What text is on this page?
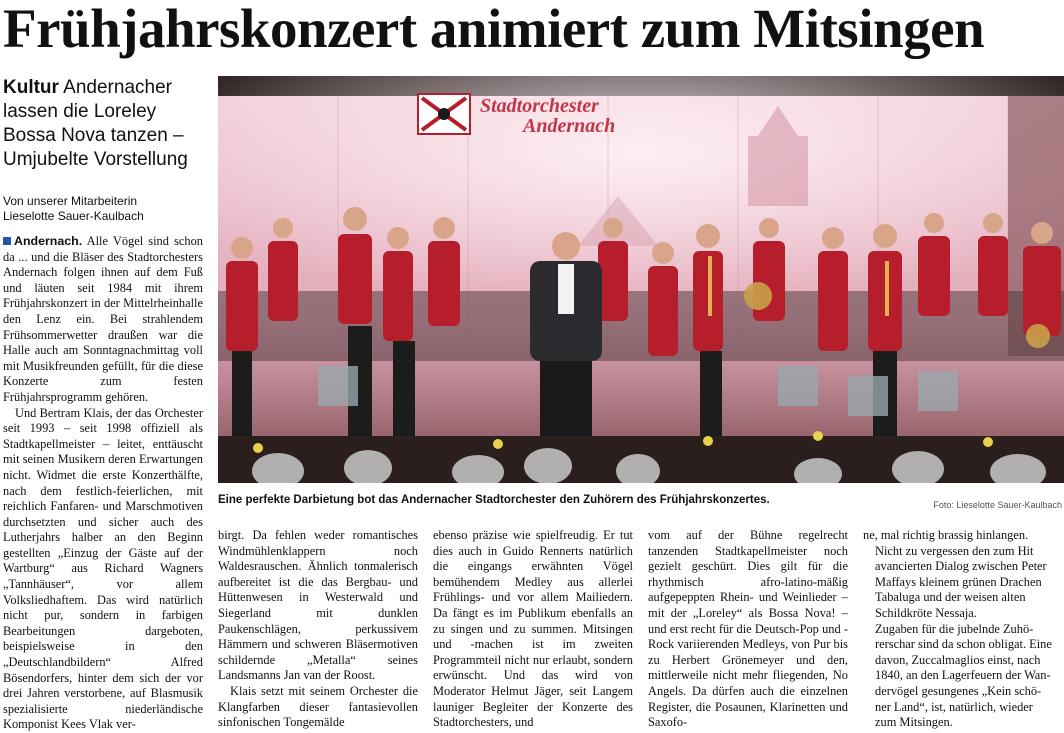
Frühjahrskonzert animiert zum Mitsingen
Kultur Andernacher lassen die Loreley Bossa Nova tanzen – Umjubelte Vorstellung
Von unserer Mitarbeiterin
Lieselotte Sauer-Kaulbach

Andernach. Alle Vögel sind schon da ... und die Bläser des Stadtorchesters Andernach folgen ihnen auf dem Fuß und läuten seit 1984 mit ihrem Frühjahrskonzert in der Mittelrheinhalle den Lenz ein. Bei strahlendem Frühsommerwetter draußen war die Halle auch am Sonntagnachmittag voll mit Musikfreunden gefüllt, für die diese Konzerte zum festen Frühjahrsprogramm gehören.

Und Bertram Klais, der das Orchester seit 1993 – seit 1998 offiziell als Stadtkapellmeister – leitet, enttäuscht mit seinen Musikern deren Erwartungen nicht. Widmet die erste Konzerthälfte, nach dem festlich-feierlichen, mit reichlich Fanfaren- und Marschmotiven durchsetzten und sicher auch des Lutherjahrs halber an den Beginn gestellten „Einzug der Gäste auf der Wartburg“ aus Richard Wagners „Tannhäuser“, vor allem Volksliedhaftem. Das wird natürlich nicht pur, sondern in farbigen Bearbeitungen dargeboten, beispielsweise in den „Deutschlandbildern“ Alfred Bösendorfers, hinter dem sich der vor drei Jahren verstorbene, auf Blasmusik spezialisierte niederländische Komponist Kees Vlak ver-

Stadtorchester
Andernach
Eine perfekte Darbietung bot das Andernacher Stadtorchester den Zuhörern des Frühjahrskonzertes.	Foto: Lieselotte Sauer-Kaulbach

birgt. Da fehlen weder romantisches Windmühlenklappern noch Waldesrauschen. Ähnlich tonmalerisch aufbereitet ist die das Bergbau- und Hüttenwesen in Westerwald und Siegerland mit dunklen Paukenschlägen, perkussivem Hämmern und schweren Bläsermotiven schildernde „Metalla“ seines Landsmanns Jan van der Roost.

Klais setzt mit seinem Orchester die Klangfarben dieser fantasievollen sinfonischen Tongemälde

ebenso präzise wie spielfreudig. Er tut dies auch in Guido Rennerts natürlich die eingangs erwähnten Vögel bemühendem Medley aus allerlei Frühlings- und vor allem Mailiedern. Da fängt es im Publikum ebenfalls an zu singen und zu summen. Mitsingen und -machen ist im zweiten Programmteil nicht nur erlaubt, sondern erwünscht. Und das wird von Moderator Helmut Jäger, seit Langem launiger Begleiter der Konzerte des Stadtorchesters, und

vom auf der Bühne regelrecht tanzenden Stadtkapellmeister noch gezielt geschürt. Dies gilt für die rhythmisch afro-latino-mäßig aufgepeppten Rhein- und Weinlieder – mit der „Loreley“ als Bossa Nova! – und erst recht für die Deutsch-Pop und -Rock variierenden Medleys, von Pur bis zu Herbert Grönemeyer und den, mittlerweile nicht mehr fliegenden, No Angels. Da dürfen auch die einzelnen Register, die Posaunen, Klarinetten und Saxofo-

ne, mal richtig brassig hinlangen.

Nicht zu vergessen den zum Hit

avancierten Dialog zwischen Peter

Maffays kleinem grünen Drachen

Tabaluga und der weisen alten

Schildkröte Nessaja.

Zugaben für die jubelnde Zuhö-

rerschar sind da schon obligat. Eine

davon, Zuccalmaglios einst, nach

1840, an den Lagerfeuern der Wan-

dervögel gesungenes „Kein schö-

ner Land“, ist, natürlich, wieder

zum Mitsingen.
